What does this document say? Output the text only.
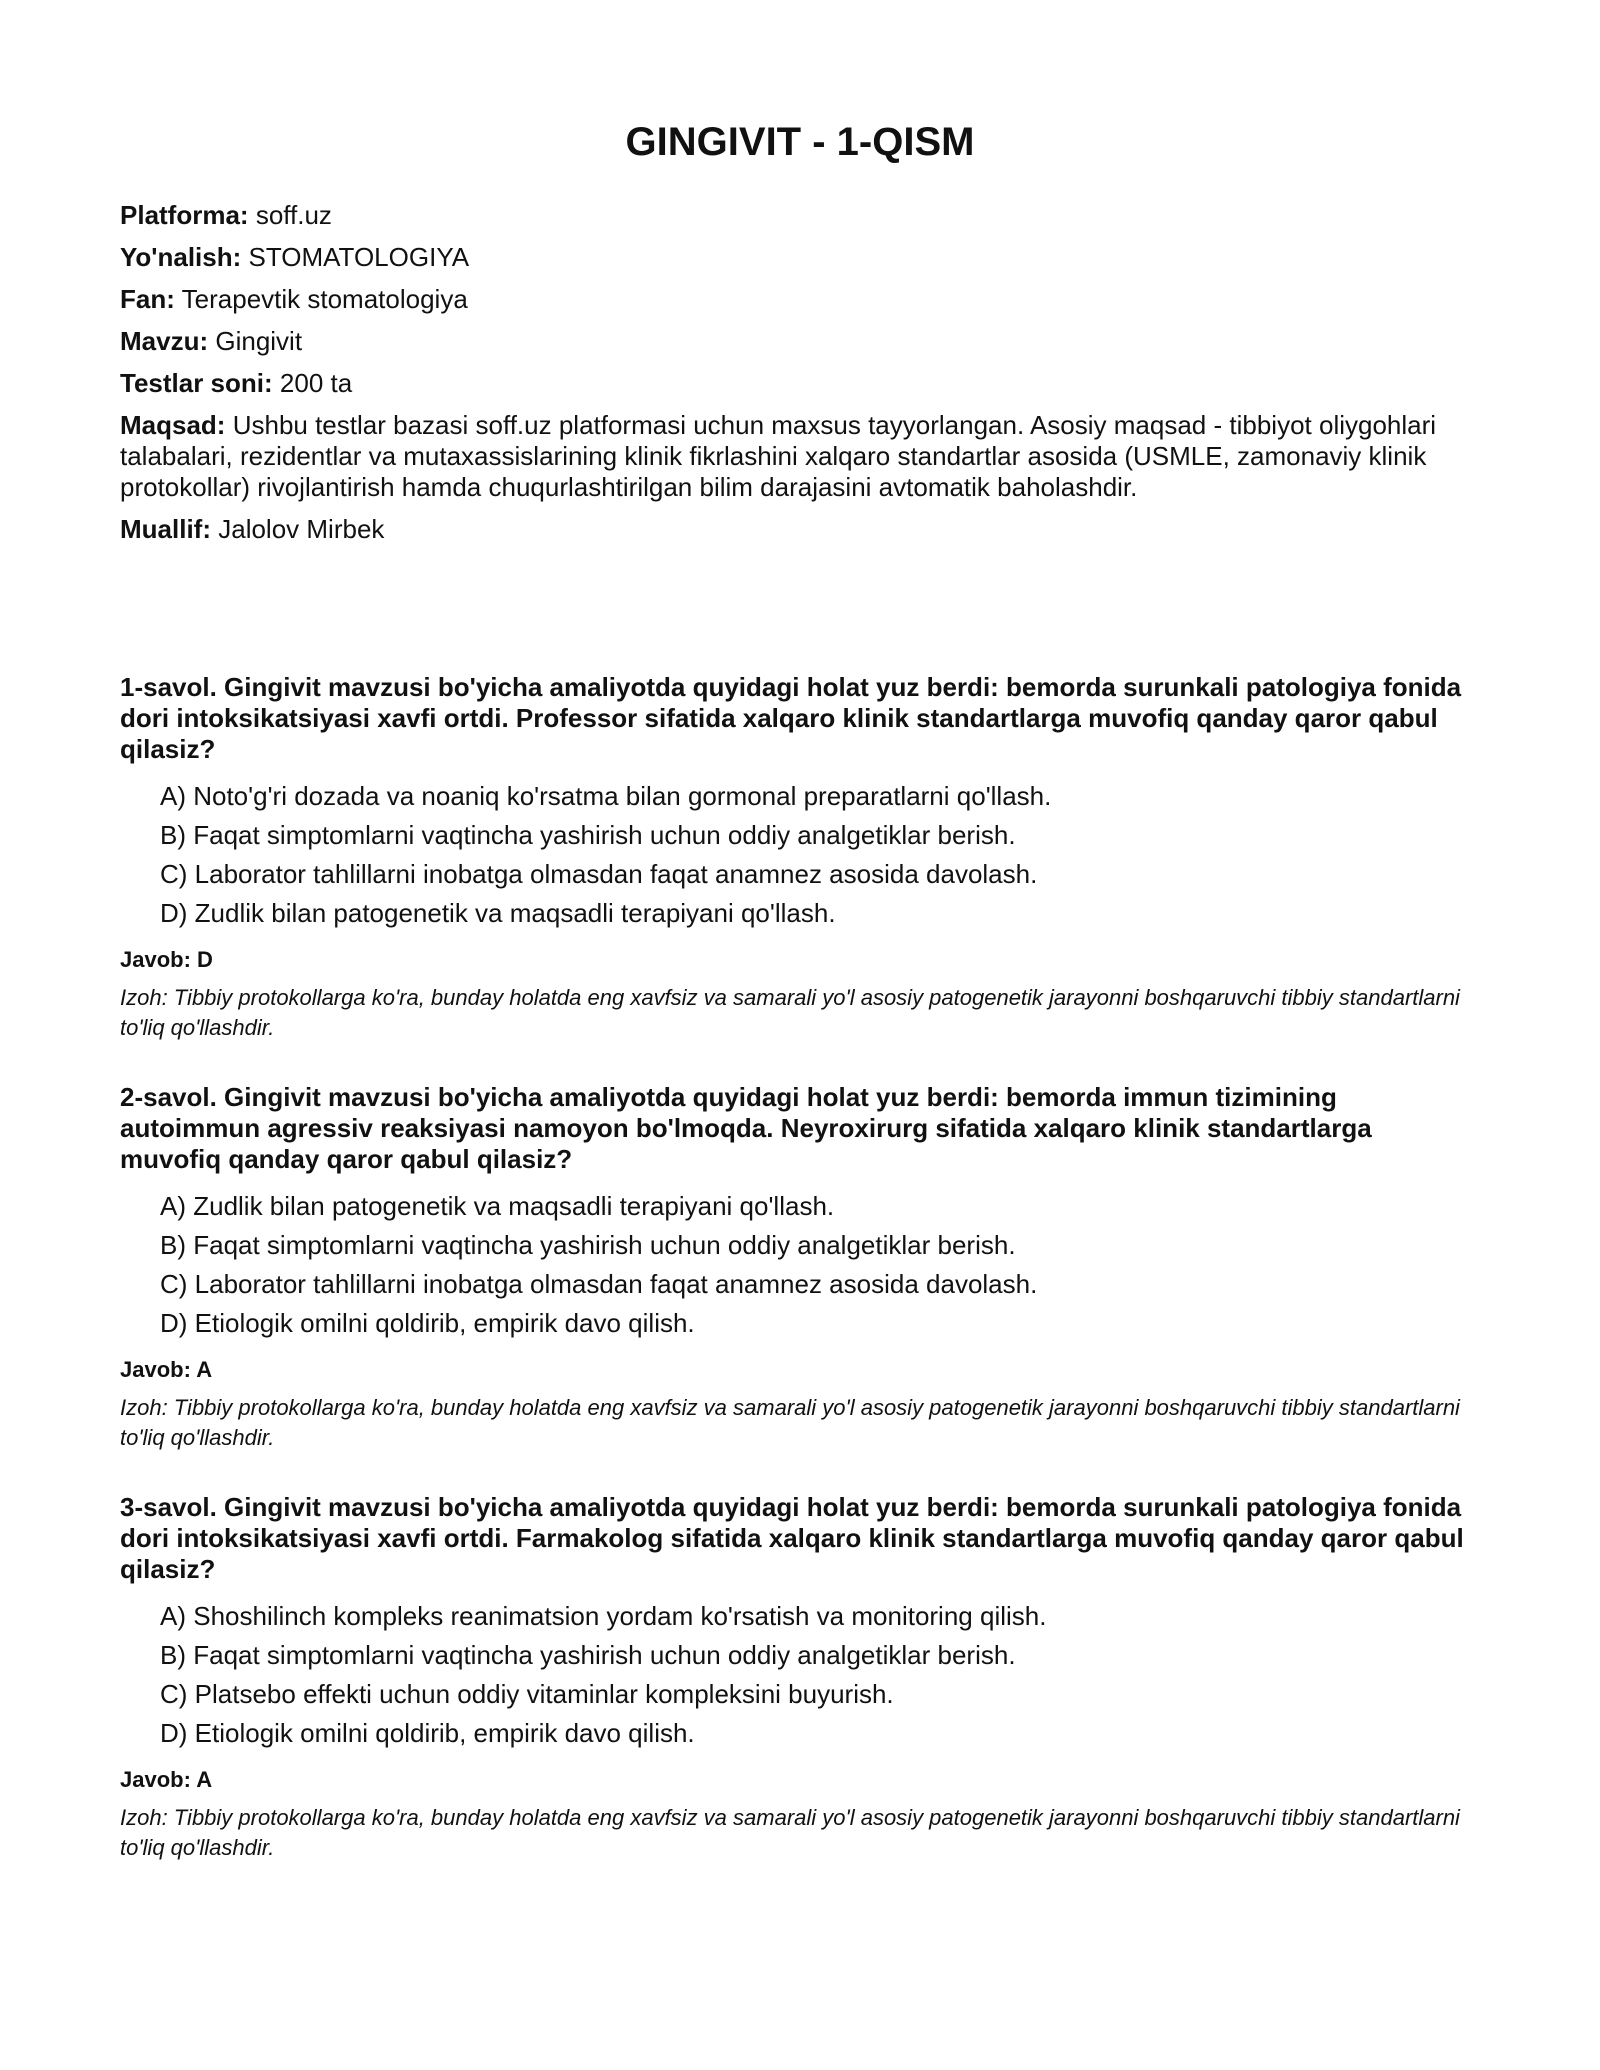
GINGIVIT - 1-QISM
Platforma: soff.uz
Yo'nalish: STOMATOLOGIYA
Fan: Terapevtik stomatologiya
Mavzu: Gingivit
Testlar soni: 200 ta
Maqsad: Ushbu testlar bazasi soff.uz platformasi uchun maxsus tayyorlangan. Asosiy maqsad - tibbiyot oliygohlari talabalari, rezidentlar va mutaxassislarining klinik fikrlashini xalqaro standartlar asosida (USMLE, zamonaviy klinik protokollar) rivojlantirish hamda chuqurlashtirilgan bilim darajasini avtomatik baholashdir.
Muallif: Jalolov Mirbek

1-savol. Gingivit mavzusi bo'yicha amaliyotda quyidagi holat yuz berdi: bemorda surunkali patologiya fonida dori intoksikatsiyasi xavfi ortdi. Professor sifatida xalqaro klinik standartlarga muvofiq qanday qaror qabul qilasiz?

A) Noto'g'ri dozada va noaniq ko'rsatma bilan gormonal preparatlarni qo'llash.
B) Faqat simptomlarni vaqtincha yashirish uchun oddiy analgetiklar berish.
C) Laborator tahlillarni inobatga olmasdan faqat anamnez asosida davolash.
D) Zudlik bilan patogenetik va maqsadli terapiyani qo'llash.
Javob: D
Izoh: Tibbiy protokollarga ko'ra, bunday holatda eng xavfsiz va samarali yo'l asosiy patogenetik jarayonni boshqaruvchi tibbiy standartlarni to'liq qo'llashdir.

2-savol. Gingivit mavzusi bo'yicha amaliyotda quyidagi holat yuz berdi: bemorda immun tizimining autoimmun agressiv reaksiyasi namoyon bo'lmoqda. Neyroxirurg sifatida xalqaro klinik standartlarga muvofiq qanday qaror qabul qilasiz?

A) Zudlik bilan patogenetik va maqsadli terapiyani qo'llash.
B) Faqat simptomlarni vaqtincha yashirish uchun oddiy analgetiklar berish.
C) Laborator tahlillarni inobatga olmasdan faqat anamnez asosida davolash.
D) Etiologik omilni qoldirib, empirik davo qilish.
Javob: A
Izoh: Tibbiy protokollarga ko'ra, bunday holatda eng xavfsiz va samarali yo'l asosiy patogenetik jarayonni boshqaruvchi tibbiy standartlarni to'liq qo'llashdir.

3-savol. Gingivit mavzusi bo'yicha amaliyotda quyidagi holat yuz berdi: bemorda surunkali patologiya fonida dori intoksikatsiyasi xavfi ortdi. Farmakolog sifatida xalqaro klinik standartlarga muvofiq qanday qaror qabul qilasiz?

A) Shoshilinch kompleks reanimatsion yordam ko'rsatish va monitoring qilish.
B) Faqat simptomlarni vaqtincha yashirish uchun oddiy analgetiklar berish.
C) Platsebo effekti uchun oddiy vitaminlar kompleksini buyurish.
D) Etiologik omilni qoldirib, empirik davo qilish.
Javob: A
Izoh: Tibbiy protokollarga ko'ra, bunday holatda eng xavfsiz va samarali yo'l asosiy patogenetik jarayonni boshqaruvchi tibbiy standartlarni to'liq qo'llashdir.
